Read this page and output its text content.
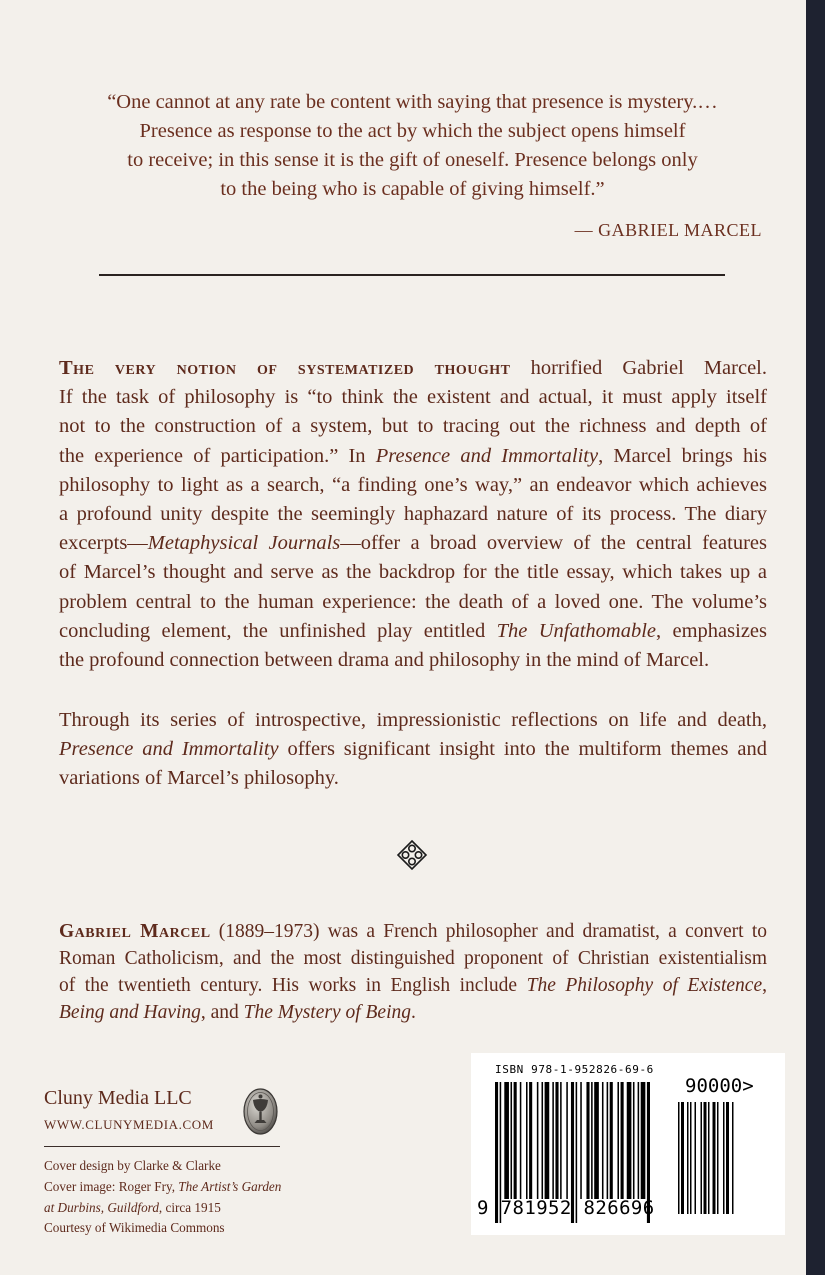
“One cannot at any rate be content with saying that presence is mystery.…
Presence as response to the act by which the subject opens himself
to receive; in this sense it is the gift of oneself. Presence belongs only
to the being who is capable of giving himself.”
— GABRIEL MARCEL
The very notion of systematized thought horrified Gabriel Marcel.
If the task of philosophy is “to think the existent and actual, it must apply itself
not to the construction of a system, but to tracing out the richness and depth of
the experience of participation.” In Presence and Immortality, Marcel brings his
philosophy to light as a search, “a finding one’s way,” an endeavor which achieves
a profound unity despite the seemingly haphazard nature of its process. The diary
excerpts—Metaphysical Journals—offer a broad overview of the central features
of Marcel’s thought and serve as the backdrop for the title essay, which takes up a
problem central to the human experience: the death of a loved one. The volume’s
concluding element, the unfinished play entitled The Unfathomable, emphasizes
the profound connection between drama and philosophy in the mind of Marcel.
Through its series of introspective, impressionistic reflections on life and death,
Presence and Immortality offers significant insight into the multiform themes and
variations of Marcel’s philosophy.
Gabriel Marcel (1889–1973) was a French philosopher and dramatist, a convert to
Roman Catholicism, and the most distinguished proponent of Christian existentialism
of the twentieth century. His works in English include The Philosophy of Existence,
Being and Having, and The Mystery of Being.
Cluny Media LLC
WWW.CLUNYMEDIA.COM
Cover design by Clarke & Clarke
Cover image: Roger Fry, The Artist’s Garden
at Durbins, Guildford, circa 1915
Courtesy of Wikimedia Commons
ISBN 978-1-952826-69-6
90000>
9 781952 826696
